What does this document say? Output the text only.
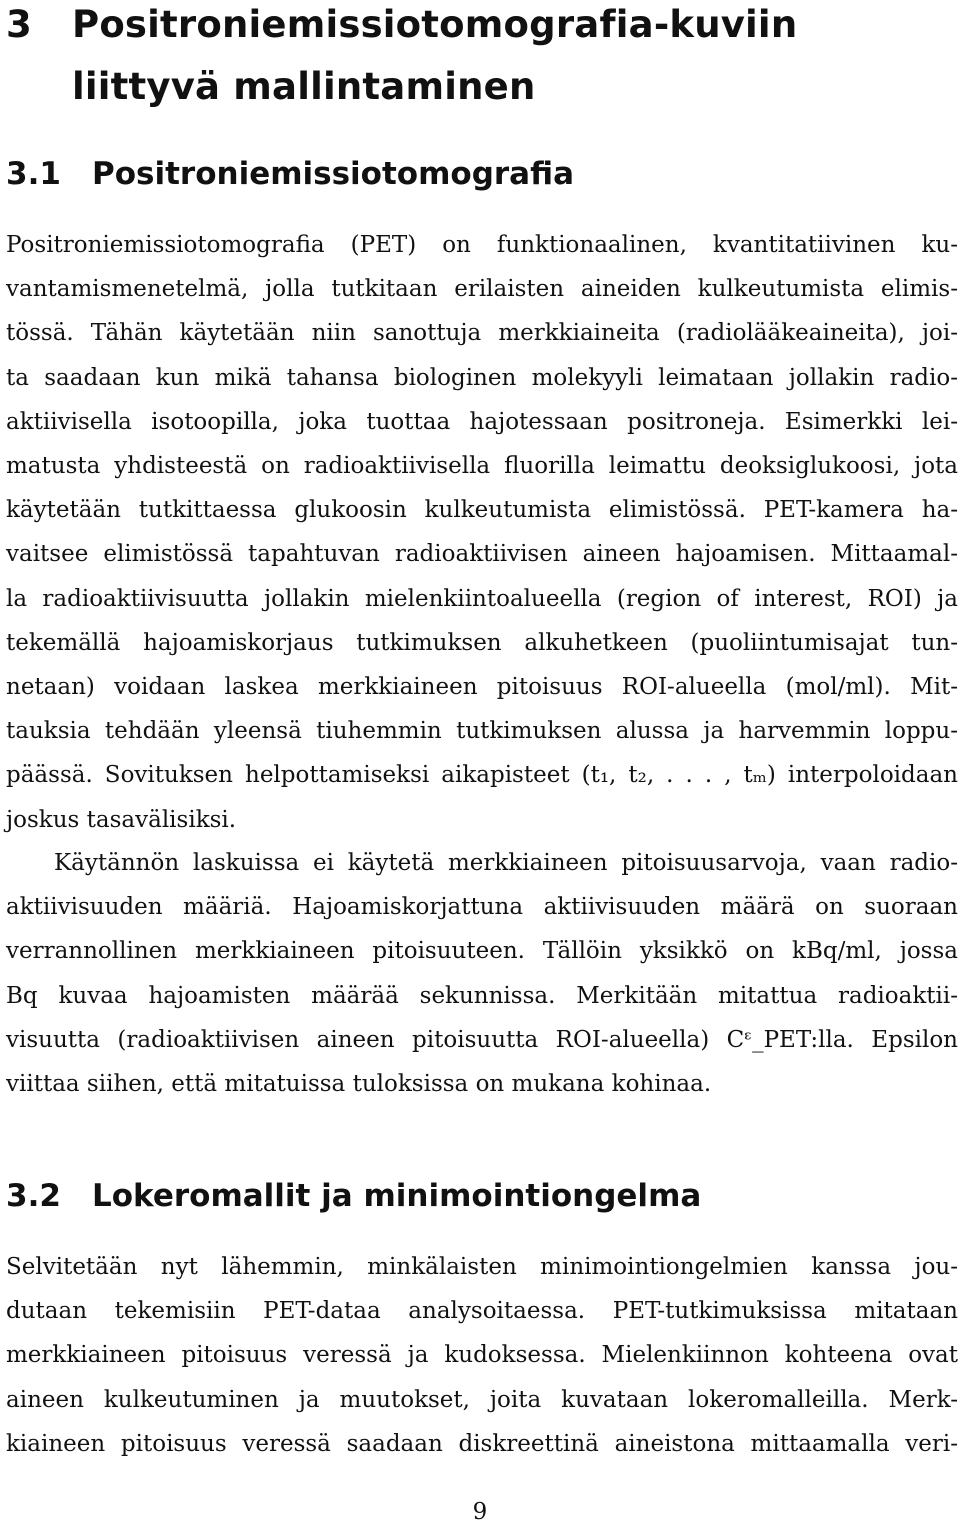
3 Positroniemissiotomografia-kuviin
liittyvä mallintaminen
3.1 Positroniemissiotomografia

Positroniemissiotomografia (PET) on funktionaalinen, kvantitatiivinen ku-
vantamismenetelmä, jolla tutkitaan erilaisten aineiden kulkeutumista elimis-
tössä. Tähän käytetään niin sanottuja merkkiaineita (radiolääkeaineita), joi-
ta saadaan kun mikä tahansa biologinen molekyyli leimataan jollakin radio-
aktiivisella isotoopilla, joka tuottaa hajotessaan positroneja. Esimerkki lei-
matusta yhdisteestä on radioaktiivisella fluorilla leimattu deoksiglukoosi, jota
käytetään tutkittaessa glukoosin kulkeutumista elimistössä. PET-kamera ha-
vaitsee elimistössä tapahtuvan radioaktiivisen aineen hajoamisen. Mittaamal-
la radioaktiivisuutta jollakin mielenkiintoalueella (region of interest, ROI) ja
tekemällä hajoamiskorjaus tutkimuksen alkuhetkeen (puoliintumisajat tun-
netaan) voidaan laskea merkkiaineen pitoisuus ROI-alueella (mol/ml). Mit-
tauksia tehdään yleensä tiuhemmin tutkimuksen alussa ja harvemmin loppu-
päässä. Sovituksen helpottamiseksi aikapisteet (t₁, t₂, . . . , tₘ) interpoloidaan
joskus tasavälisiksi.

Käytännön laskuissa ei käytetä merkkiaineen pitoisuusarvoja, vaan radio-
aktiivisuuden määriä. Hajoamiskorjattuna aktiivisuuden määrä on suoraan
verrannollinen merkkiaineen pitoisuuteen. Tällöin yksikkö on kBq/ml, jossa
Bq kuvaa hajoamisten määrää sekunnissa. Merkitään mitattua radioaktii-
visuutta (radioaktiivisen aineen pitoisuutta ROI-alueella) Cᵋ_PET:lla. Epsilon
viittaa siihen, että mitatuissa tuloksissa on mukana kohinaa.

3.2 Lokeromallit ja minimointiongelma

Selvitetään nyt lähemmin, minkälaisten minimointiongelmien kanssa jou-
dutaan tekemisiin PET-dataa analysoitaessa. PET-tutkimuksissa mitataan
merkkiaineen pitoisuus veressä ja kudoksessa. Mielenkiinnon kohteena ovat
aineen kulkeutuminen ja muutokset, joita kuvataan lokeromalleilla. Merk-
kiaineen pitoisuus veressä saadaan diskreettinä aineistona mittaamalla veri-

9
